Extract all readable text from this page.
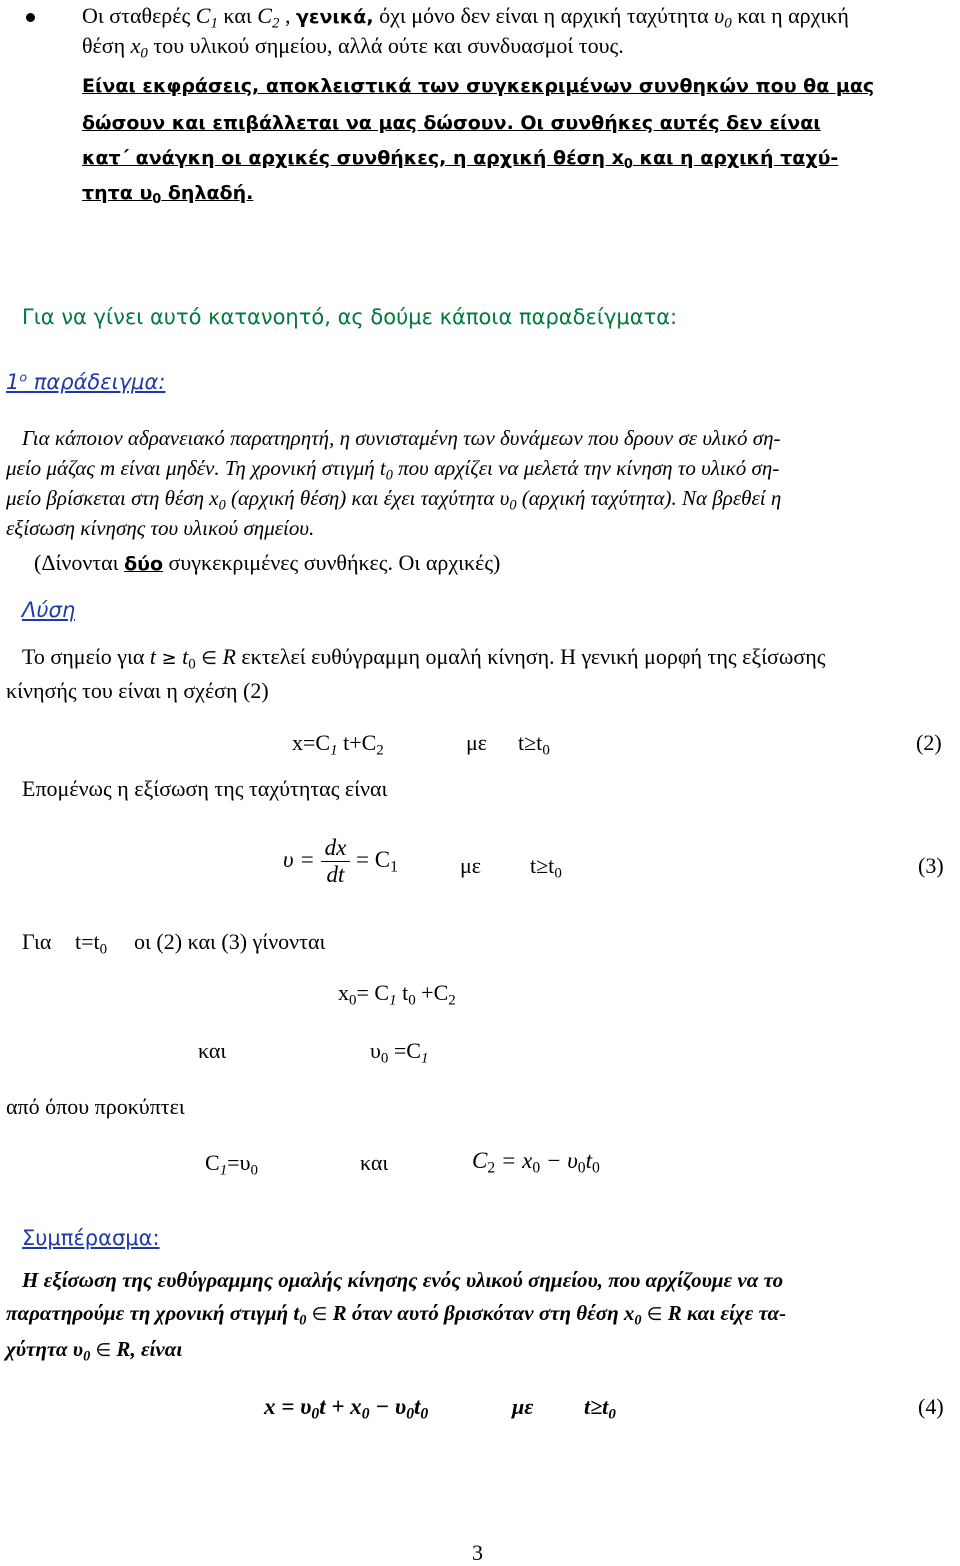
Οι σταθερές $C_1$ και $C_2$ , γενικά, όχι μόνο δεν είναι η αρχική ταχύτητα $\upsilon_0$ και η αρχική
θέση $x_0$ του υλικού σημείου, αλλά ούτε και συνδυασμοί τους.
Είναι εκφράσεις, αποκλειστικά των συγκεκριμένων συνθηκών που θα μας
δώσουν και επιβάλλεται να μας δώσουν. Οι συνθήκες αυτές δεν είναι
κατ΄ ανάγκη οι αρχικές συνθήκες, η αρχική θέση $x_0$ και η αρχική ταχύ-
τητα $\upsilon_0$ δηλαδή.
Για να γίνει αυτό κατανοητό, ας δούμε κάποια παραδείγματα:
$1^o$ παράδειγμα:
Για κάποιον αδρανειακό παρατηρητή, η συνισταμένη των δυνάμεων που δρουν σε υλικό ση-
μείο μάζας m είναι μηδέν. Τη χρονική στιγμή $t_0$ που αρχίζει να μελετά την κίνηση το υλικό ση-
μείο βρίσκεται στη θέση $x_0$ (αρχική θέση) και έχει ταχύτητα $\upsilon_0$ (αρχική ταχύτητα). Να βρεθεί η
εξίσωση κίνησης του υλικού σημείου.
(Δίνονται δύο συγκεκριμένες συνθήκες. Οι αρχικές)
Λύση
Το σημείο για $t \ge t_0$ ∈ R εκτελεί ευθύγραμμη ομαλή κίνηση. Η γενική μορφή της εξίσωσης
κίνησής του είναι η σχέση (2)
$x=C_1$ $t+C_2$	με $t\ge t_0$	(2)
Επομένως η εξίσωση της ταχύτητας είναι
$\upsilon = \frac{dx}{dt} = C_1$	με $t\ge t_0$	(3)
Για $t=t_0$ οι (2) και (3) γίνονται
$x_0= C_1$ $t_0 +C_2$
και	$\upsilon_0 =C_1$
από όπου προκύπτει
$C_1=\upsilon_0$	και	$C_2 = x_0 - \upsilon_0t_0$
Συμπέρασμα:
Η εξίσωση της ευθύγραμμης ομαλής κίνησης ενός υλικού σημείου, που αρχίζουμε να το
παρατηρούμε τη χρονική στιγμή $t_0$ ∈ R όταν αυτό βρισκόταν στη θέση $x_0$ ∈ R και είχε τα-
χύτητα $\upsilon_0$ ∈ R, είναι
$x = \upsilon_0t + x_0 - \upsilon_0t_0$	με $t\ge t_0$	(4)
3
